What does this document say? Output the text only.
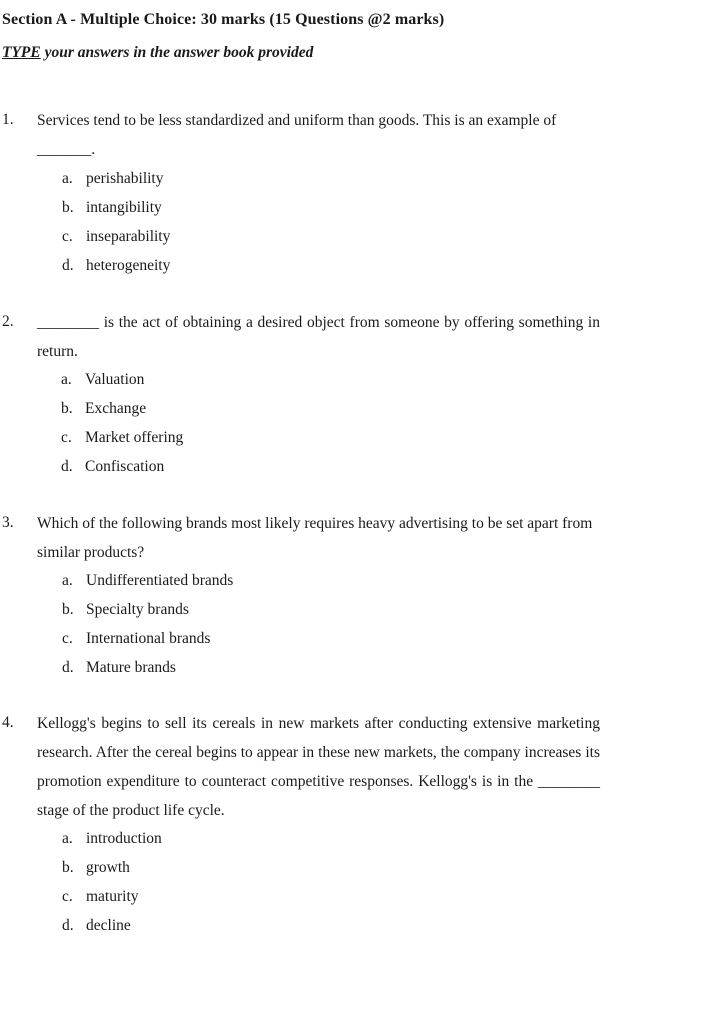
Section A - Multiple Choice: 30 marks (15 Questions @2 marks)
TYPE your answers in the answer book provided
1. Services tend to be less standardized and uniform than goods. This is an example of
_______.

a. perishability
b. intangibility
c. inseparability
d. heterogeneity
2. ________ is the act of obtaining a desired object from someone by offering something in return.

a. Valuation
b. Exchange
c. Market offering
d. Confiscation
3. Which of the following brands most likely requires heavy advertising to be set apart from similar products?

a. Undifferentiated brands
b. Specialty brands
c. International brands
d. Mature brands
4. Kellogg's begins to sell its cereals in new markets after conducting extensive marketing research. After the cereal begins to appear in these new markets, the company increases its promotion expenditure to counteract competitive responses. Kellogg's is in the ________ stage of the product life cycle.

a. introduction
b. growth
c. maturity
d. decline
